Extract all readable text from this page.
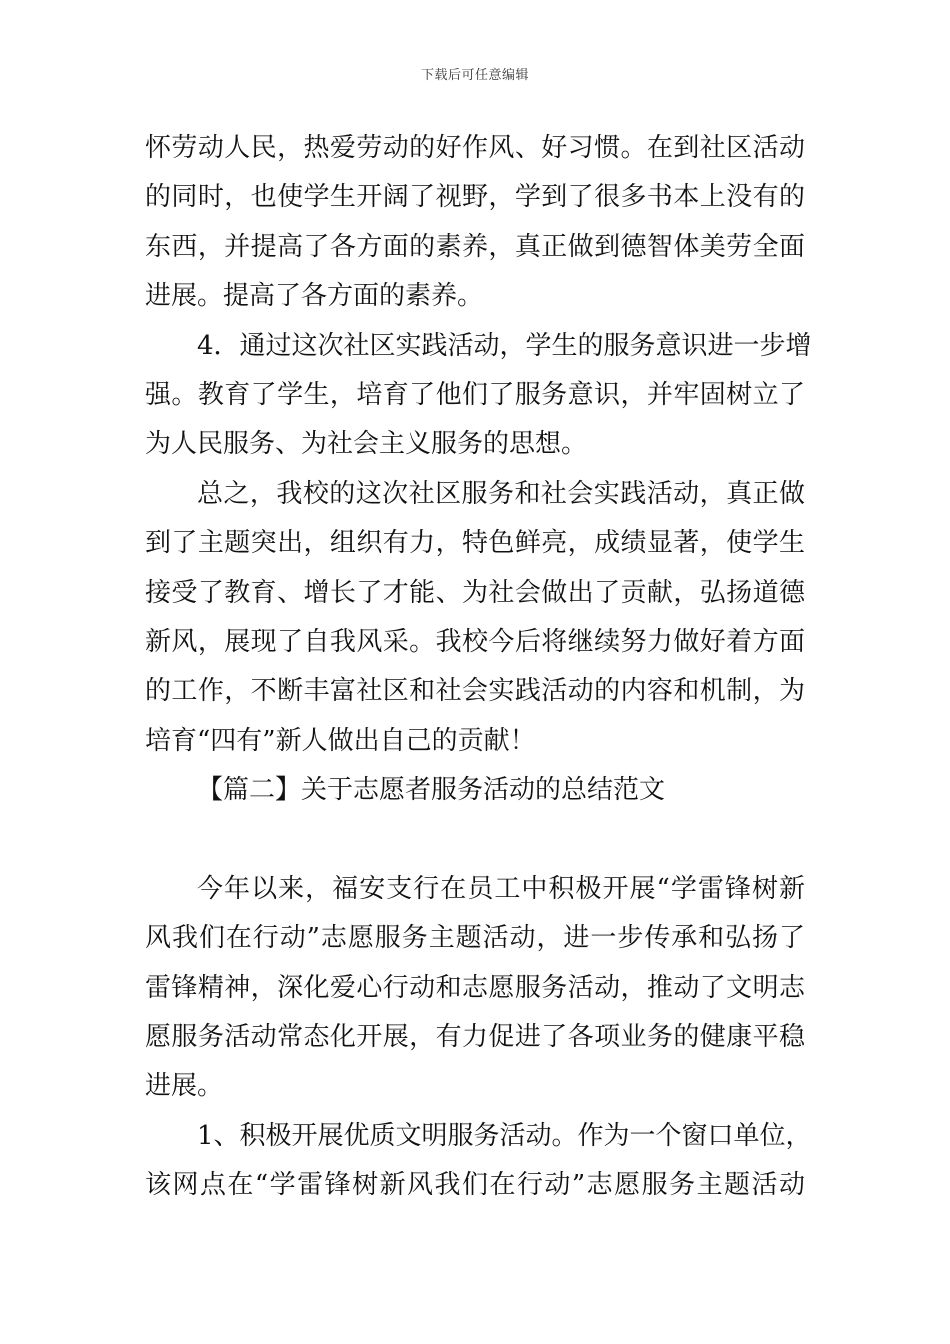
下载后可任意编辑
怀劳动人民，热爱劳动的好作风、好习惯。在到社区活动
的同时，也使学生开阔了视野，学到了很多书本上没有的
东西，并提高了各方面的素养，真正做到德智体美劳全面
进展。提高了各方面的素养。
4．通过这次社区实践活动，学生的服务意识进一步增
强。教育了学生，培育了他们了服务意识，并牢固树立了
为人民服务、为社会主义服务的思想。
总之，我校的这次社区服务和社会实践活动，真正做
到了主题突出，组织有力，特色鲜亮，成绩显著，使学生
接受了教育、增长了才能、为社会做出了贡献，弘扬道德
新风，展现了自我风采。我校今后将继续努力做好着方面
的工作，不断丰富社区和社会实践活动的内容和机制，为
培育“四有”新人做出自己的贡献！
【篇二】关于志愿者服务活动的总结范文
今年以来，福安支行在员工中积极开展“学雷锋树新
风我们在行动”志愿服务主题活动，进一步传承和弘扬了
雷锋精神，深化爱心行动和志愿服务活动，推动了文明志
愿服务活动常态化开展，有力促进了各项业务的健康平稳
进展。
1、积极开展优质文明服务活动。作为一个窗口单位，
该网点在“学雷锋树新风我们在行动”志愿服务主题活动
